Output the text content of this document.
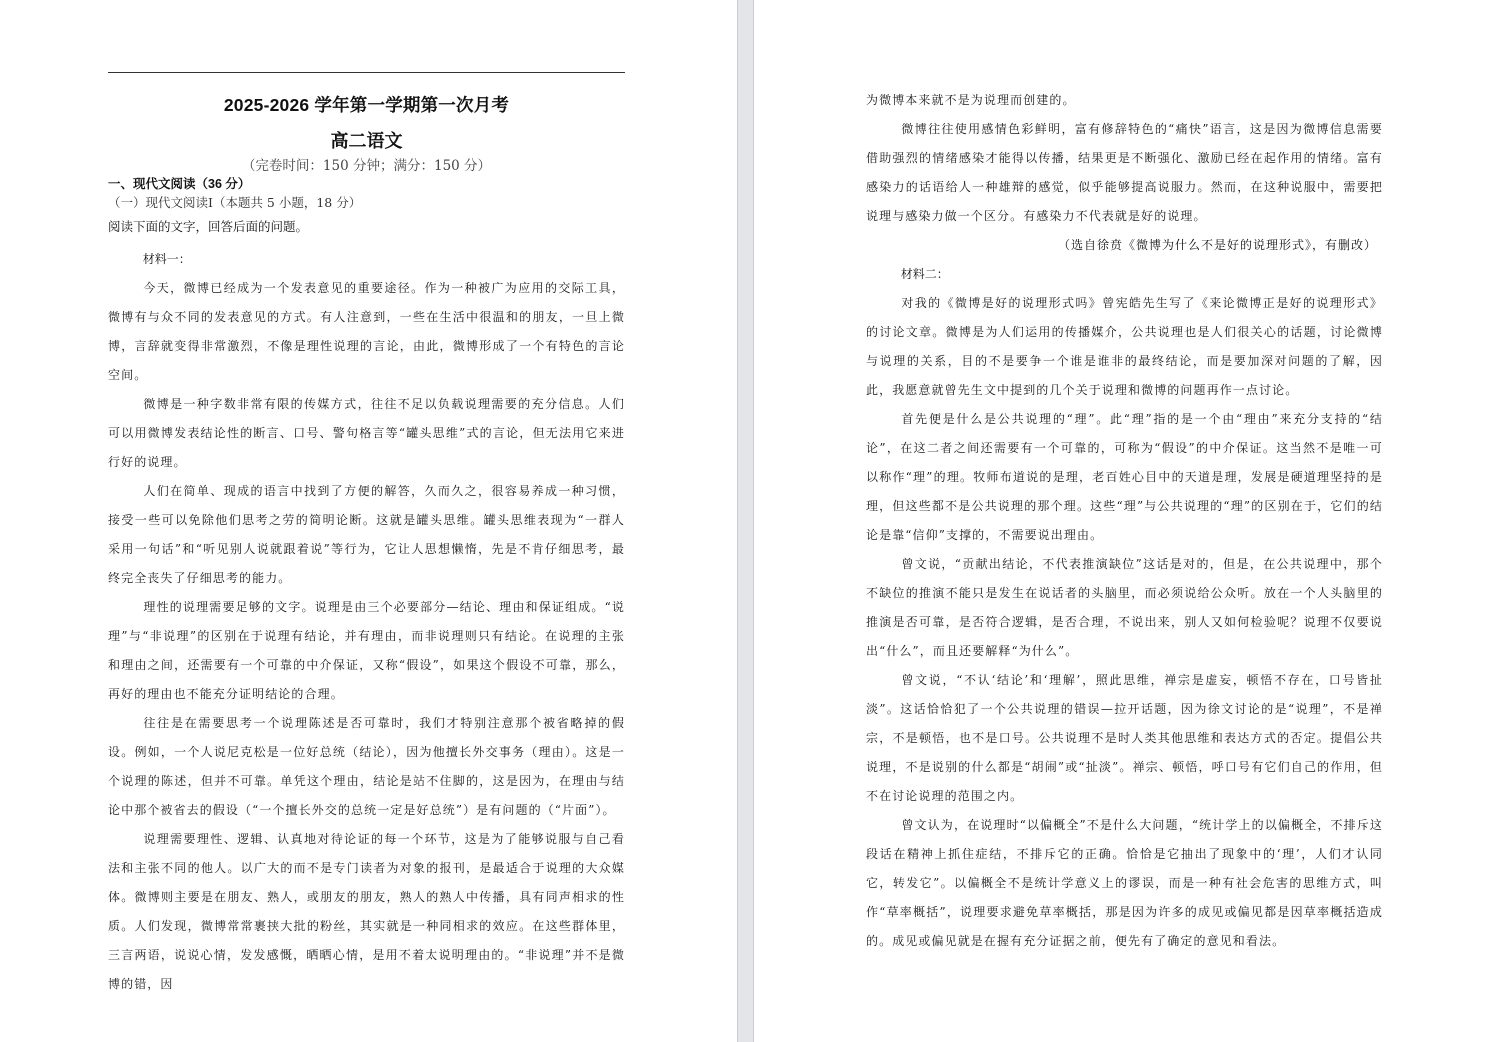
2025-2026 学年第一学期第一次月考
高二语文

（完卷时间：150 分钟；满分：150 分）

一、现代文阅读（36 分）

（一）现代文阅读Ⅰ（本题共 5 小题，18 分）

阅读下面的文字，回答后面的问题。

材料一：

今天，微博已经成为一个发表意见的重要途径。作为一种被广为应用的交际工具，微博有与众不同的发表意见的方式。有人注意到，一些在生活中很温和的朋友，一旦上微博，言辞就变得非常激烈，不像是理性说理的言论，由此，微博形成了一个有特色的言论空间。

微博是一种字数非常有限的传媒方式，往往不足以负载说理需要的充分信息。人们可以用微博发表结论性的断言、口号、警句格言等“罐头思维”式的言论，但无法用它来进行好的说理。

人们在简单、现成的语言中找到了方便的解答，久而久之，很容易养成一种习惯，接受一些可以免除他们思考之劳的简明论断。这就是罐头思维。罐头思维表现为“一群人采用一句话”和“听见别人说就跟着说”等行为，它让人思想懒惰，先是不肯仔细思考，最终完全丧失了仔细思考的能力。

理性的说理需要足够的文字。说理是由三个必要部分—结论、理由和保证组成。“说理”与“非说理”的区别在于说理有结论，并有理由，而非说理则只有结论。在说理的主张和理由之间，还需要有一个可靠的中介保证，又称“假设”，如果这个假设不可靠，那么，再好的理由也不能充分证明结论的合理。

往往是在需要思考一个说理陈述是否可靠时，我们才特别注意那个被省略掉的假设。例如，一个人说尼克松是一位好总统（结论），因为他擅长外交事务（理由）。这是一个说理的陈述，但并不可靠。单凭这个理由，结论是站不住脚的，这是因为，在理由与结论中那个被省去的假设（“一个擅长外交的总统一定是好总统”）是有问题的（“片面”）。

说理需要理性、逻辑、认真地对待论证的每一个环节，这是为了能够说服与自己看法和主张不同的他人。以广大的而不是专门读者为对象的报刊，是最适合于说理的大众媒体。微博则主要是在朋友、熟人，或朋友的朋友，熟人的熟人中传播，具有同声相求的性质。人们发现，微博常常裹挟大批的粉丝，其实就是一种同相求的效应。在这些群体里，三言两语，说说心情，发发感慨，晒晒心情，是用不着太说明理由的。“非说理”并不是微博的错，因

为微博本来就不是为说理而创建的。

微博往往使用感情色彩鲜明，富有修辞特色的“痛快”语言，这是因为微博信息需要借助强烈的情绪感染才能得以传播，结果更是不断强化、激励已经在起作用的情绪。富有感染力的话语给人一种雄辩的感觉，似乎能够提高说服力。然而，在这种说服中，需要把说理与感染力做一个区分。有感染力不代表就是好的说理。

（选自徐贲《微博为什么不是好的说理形式》，有删改）

材料二：

对我的《微博是好的说理形式吗》曾宪皓先生写了《来论微博正是好的说理形式》的讨论文章。微博是为人们运用的传播媒介，公共说理也是人们很关心的话题，讨论微博与说理的关系，目的不是要争一个谁是谁非的最终结论，而是要加深对问题的了解，因此，我愿意就曾先生文中提到的几个关于说理和微博的问题再作一点讨论。

首先便是什么是公共说理的“理”。此“理”指的是一个由“理由”来充分支持的“结论”，在这二者之间还需要有一个可靠的，可称为“假设”的中介保证。这当然不是唯一可以称作“理”的理。牧师布道说的是理，老百姓心目中的天道是理，发展是硬道理坚持的是理，但这些都不是公共说理的那个理。这些“理”与公共说理的“理”的区别在于，它们的结论是靠“信仰”支撑的，不需要说出理由。

曾文说，“贡献出结论，不代表推演缺位”这话是对的，但是，在公共说理中，那个不缺位的推演不能只是发生在说话者的头脑里，而必须说给公众听。放在一个人头脑里的推演是否可靠，是否符合逻辑，是否合理，不说出来，别人又如何检验呢？说理不仅要说出“什么”，而且还要解释“为什么”。

曾文说，“不认‘结论’和‘理解’，照此思维，禅宗是虚妄，顿悟不存在，口号皆扯淡”。这话恰恰犯了一个公共说理的错误—拉开话题，因为徐文讨论的是“说理”，不是禅宗，不是顿悟，也不是口号。公共说理不是时人类其他思维和表达方式的否定。提倡公共说理，不是说别的什么都是“胡闹”或“扯淡”。禅宗、顿悟，呼口号有它们自己的作用，但不在讨论说理的范围之内。

曾文认为，在说理时“以偏概全”不是什么大问题，“统计学上的以偏概全，不排斥这段话在精神上抓住症结，不排斥它的正确。恰恰是它抽出了现象中的‘理’，人们才认同它，转发它”。以偏概全不是统计学意义上的谬误，而是一种有社会危害的思维方式，叫作“草率概括”，说理要求避免草率概括，那是因为许多的成见或偏见都是因草率概括造成的。成见或偏见就是在握有充分证据之前，便先有了确定的意见和看法。
